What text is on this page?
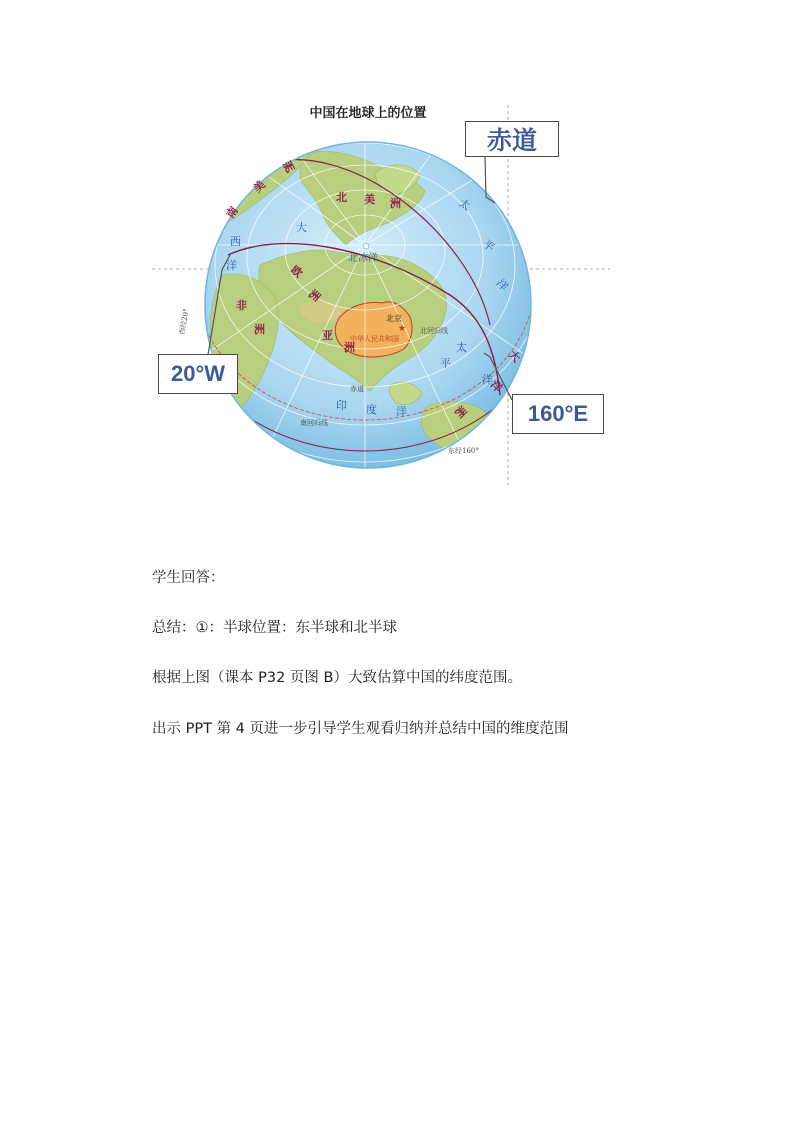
中国在地球上的位置
南
美
洲
北 美 洲
欧
洲
非
洲	亚
洲
大
西
洋
太
平
洋
太
平
洋
印 度 洋
大
洋
洲
北冰洋
中华人民共和国
北京
★
赤道
北回归线
南回归线
西经20°
东经160°
赤道
20°W
160°E
学生回答：
总结：①：半球位置：东半球和北半球
根据上图（课本 P32 页图 B）大致估算中国的纬度范围。
出示 PPT 第 4 页进一步引导学生观看归纳并总结中国的维度范围
